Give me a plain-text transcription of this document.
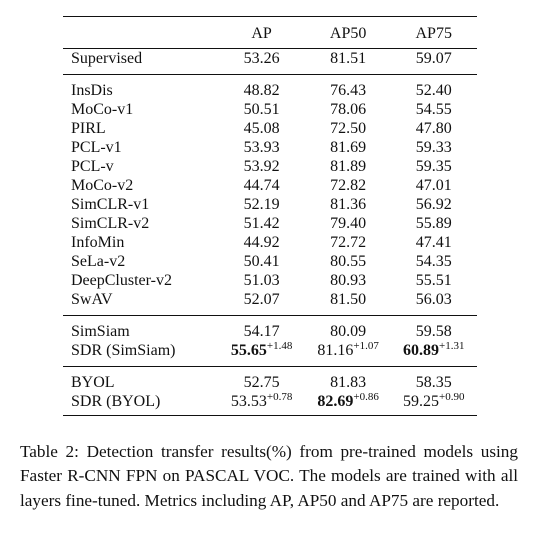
	AP	AP50	AP75
Supervised	53.26	81.51	59.07
InsDis	48.82	76.43	52.40
MoCo-v1	50.51	78.06	54.55
PIRL	45.08	72.50	47.80
PCL-v1	53.93	81.69	59.33
PCL-v	53.92	81.89	59.35
MoCo-v2	44.74	72.82	47.01
SimCLR-v1	52.19	81.36	56.92
SimCLR-v2	51.42	79.40	55.89
InfoMin	44.92	72.72	47.41
SeLa-v2	50.41	80.55	54.35
DeepCluster-v2	51.03	80.93	55.51
SwAV	52.07	81.50	56.03
SimSiam	54.17	80.09	59.58
SDR (SimSiam)	$55.65^{+1.48}$	$81.16^{+1.07}$	$60.89^{+1.31}$
BYOL	52.75	81.83	58.35
SDR (BYOL)	$53.53^{+0.78}$	$82.69^{+0.86}$	$59.25^{+0.90}$
Table 2: Detection transfer results(%) from pre-trained models using Faster R-CNN FPN on PASCAL VOC. The models are trained with all layers fine-tuned. Metrics including AP, AP50 and AP75 are reported.
